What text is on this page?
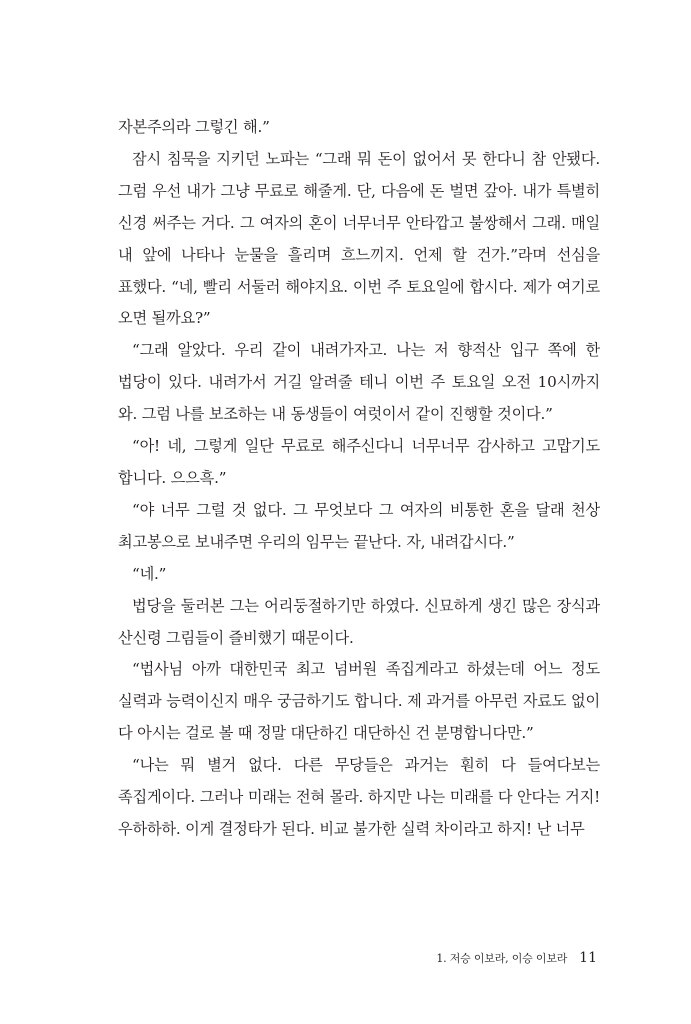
자본주의라 그렇긴 해.”

잠시 침묵을 지키던 노파는 “그래 뭐 돈이 없어서 못 한다니 참 안됐다. 그럼 우선 내가 그냥 무료로 해줄게. 단, 다음에 돈 벌면 갚아. 내가 특별히 신경 써주는 거다. 그 여자의 혼이 너무너무 안타깝고 불쌍해서 그래. 매일 내 앞에 나타나 눈물을 흘리며 흐느끼지. 언제 할 건가.”라며 선심을 표했다. “네, 빨리 서둘러 해야지요. 이번 주 토요일에 합시다. 제가 여기로 오면 될까요?”

“그래 알았다. 우리 같이 내려가자고. 나는 저 향적산 입구 쪽에 한 법당이 있다. 내려가서 거길 알려줄 테니 이번 주 토요일 오전 10시까지 와. 그럼 나를 보조하는 내 동생들이 여럿이서 같이 진행할 것이다.”

“아! 네, 그렇게 일단 무료로 해주신다니 너무너무 감사하고 고맙기도 합니다. 으으흑.”

“야 너무 그럴 것 없다. 그 무엇보다 그 여자의 비통한 혼을 달래 천상 최고봉으로 보내주면 우리의 임무는 끝난다. 자, 내려갑시다.”

“네.”

법당을 둘러본 그는 어리둥절하기만 하였다. 신묘하게 생긴 많은 장식과 산신령 그림들이 즐비했기 때문이다.

“법사님 아까 대한민국 최고 넘버원 족집게라고 하셨는데 어느 정도 실력과 능력이신지 매우 궁금하기도 합니다. 제 과거를 아무런 자료도 없이 다 아시는 걸로 볼 때 정말 대단하긴 대단하신 건 분명합니다만.”

“나는 뭐 별거 없다. 다른 무당들은 과거는 훤히 다 들여다보는 족집게이다. 그러나 미래는 전혀 몰라. 하지만 나는 미래를 다 안다는 거지! 우하하하. 이게 결정타가 된다. 비교 불가한 실력 차이라고 하지! 난 너무

1. 저승 이보라, 이승 이보라 11
